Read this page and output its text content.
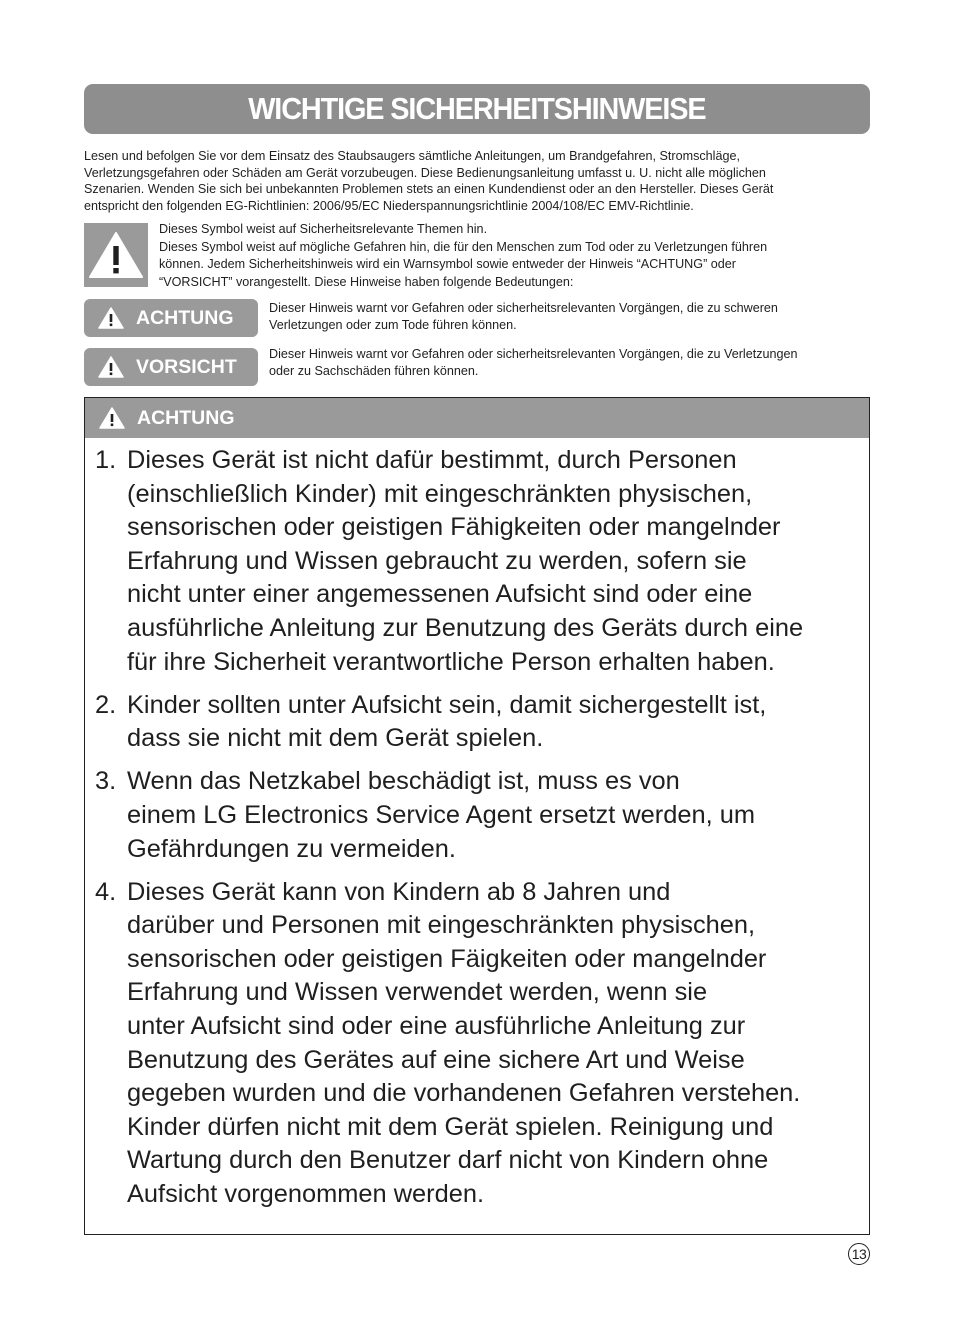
WICHTIGE SICHERHEITSHINWEISE
Lesen und befolgen Sie vor dem Einsatz des Staubsaugers sämtliche Anleitungen, um Brandgefahren, Stromschläge,
Verletzungsgefahren oder Schäden am Gerät vorzubeugen. Diese Bedienungsanleitung umfasst u. U. nicht alle möglichen
Szenarien. Wenden Sie sich bei unbekannten Problemen stets an einen Kundendienst oder an den Hersteller. Dieses Gerät
entspricht den folgenden EG-Richtlinien: 2006/95/EC Niederspannungsrichtlinie 2004/108/EC EMV-Richtlinie.
Dieses Symbol weist auf Sicherheitsrelevante Themen hin.
Dieses Symbol weist auf mögliche Gefahren hin, die für den Menschen zum Tod oder zu Verletzungen führen
können. Jedem Sicherheitshinweis wird ein Warnsymbol sowie entweder der Hinweis “ACHTUNG” oder
“VORSICHT” vorangestellt. Diese Hinweise haben folgende Bedeutungen:
ACHTUNG	Dieser Hinweis warnt vor Gefahren oder sicherheitsrelevanten Vorgängen, die zu schweren
Verletzungen oder zum Tode führen können.
VORSICHT
Dieser Hinweis warnt vor Gefahren oder sicherheitsrelevanten Vorgängen, die zu Verletzungen
oder zu Sachschäden führen können.
ACHTUNG
1. Dieses Gerät ist nicht dafür bestimmt, durch Personen
(einschließlich Kinder) mit eingeschränkten physischen,
sensorischen oder geistigen Fähigkeiten oder mangelnder
Erfahrung und Wissen gebraucht zu werden, sofern sie
nicht unter einer angemessenen Aufsicht sind oder eine
ausführliche Anleitung zur Benutzung des Geräts durch eine
für ihre Sicherheit verantwortliche Person erhalten haben.
2. Kinder sollten unter Aufsicht sein, damit sichergestellt ist,
dass sie nicht mit dem Gerät spielen.
3. Wenn das Netzkabel beschädigt ist, muss es von
einem LG Electronics Service Agent ersetzt werden, um
Gefährdungen zu vermeiden.
4. Dieses Gerät kann von Kindern ab 8 Jahren und
darüber und Personen mit eingeschränkten physischen,
sensorischen oder geistigen Fäigkeiten oder mangelnder
Erfahrung und Wissen verwendet werden, wenn sie
unter Aufsicht sind oder eine ausführliche Anleitung zur
Benutzung des Gerätes auf eine sichere Art und Weise
gegeben wurden und die vorhandenen Gefahren verstehen.
Kinder dürfen nicht mit dem Gerät spielen. Reinigung und
Wartung durch den Benutzer darf nicht von Kindern ohne
Aufsicht vorgenommen werden.
13
